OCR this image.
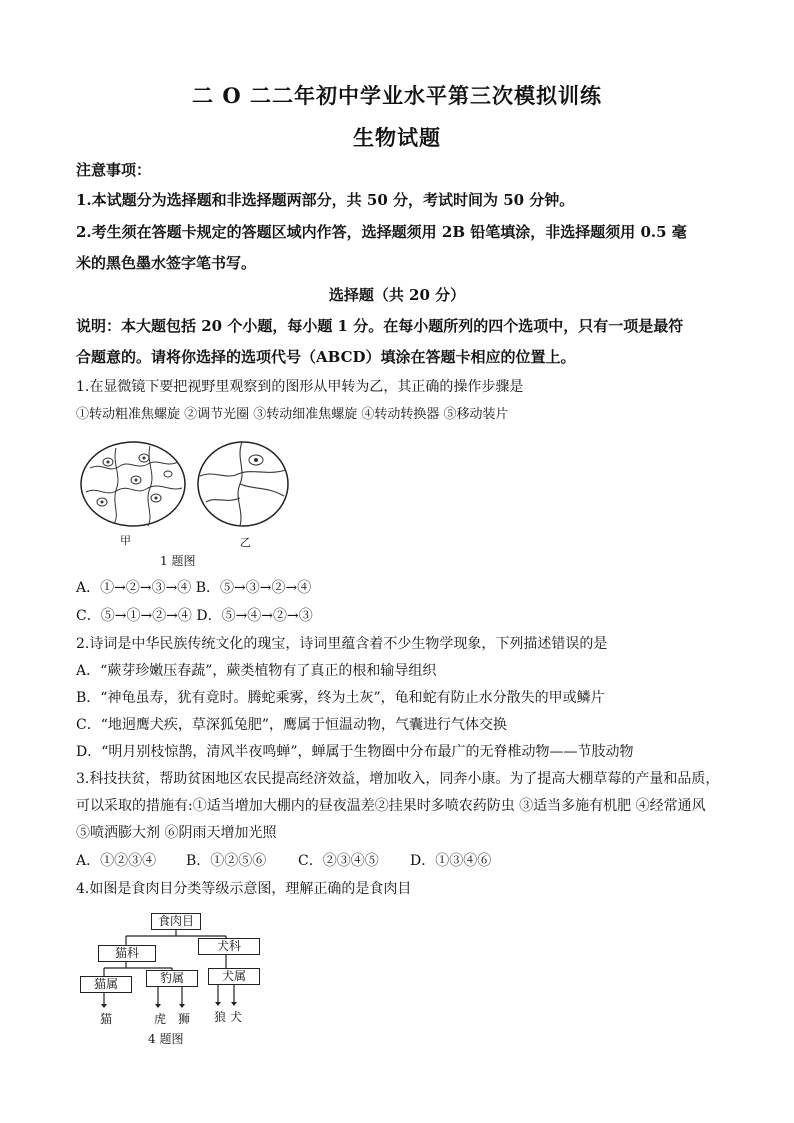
二 O 二二年初中学业水平第三次模拟训练
生物试题
注意事项：
1.本试题分为选择题和非选择题两部分，共 50 分，考试时间为 50 分钟。
2.考生须在答题卡规定的答题区域内作答，选择题须用 2B 铅笔填涂，非选择题须用 0.5 毫
米的黑色墨水签字笔书写。
选择题（共 20 分）
说明：本大题包括 20 个小题，每小题 1 分。在每小题所列的四个选项中，只有一项是最符
合题意的。请将你选择的选项代号（ABCD）填涂在答题卡相应的位置上。
1.在显微镜下要把视野里观察到的图形从甲转为乙，其正确的操作步骤是
①转动粗准焦螺旋 ②调节光圈 ③转动细准焦螺旋 ④转动转换器 ⑤移动装片
甲	乙
1 题图
A．①→②→③→④ B．⑤→③→②→④
C．⑤→①→②→④ D．⑤→④→②→③
2.诗词是中华民族传统文化的瑰宝，诗词里蕴含着不少生物学现象，下列描述错误的是
A．“蕨芽珍嫩压春蔬”，蕨类植物有了真正的根和输导组织
B．“神龟虽寿，犹有竟时。腾蛇乘雾，终为土灰”，龟和蛇有防止水分散失的甲或鳞片
C．“地迥鹰犬疾，草深狐兔肥”，鹰属于恒温动物，气囊进行气体交换
D．“明月别枝惊鹊，清风半夜鸣蝉”，蝉属于生物圈中分布最广的无脊椎动物——节肢动物
3.科技扶贫，帮助贫困地区农民提高经济效益，增加收入，同奔小康。为了提高大棚草莓的产量和品质，
可以采取的措施有:①适当增加大棚内的昼夜温差②挂果时多喷农药防虫 ③适当多施有机肥 ④经常通风
⑤喷洒膨大剂 ⑥阴雨天增加光照
A．①②③④ B．①②⑤⑥ C．②③④⑤ D．①③④⑥
4.如图是食肉目分类等级示意图，理解正确的是食肉目
食肉目
猫科	犬科
猫属	豹属	犬属
猫	虎 狮	狼 犬
4 题图
